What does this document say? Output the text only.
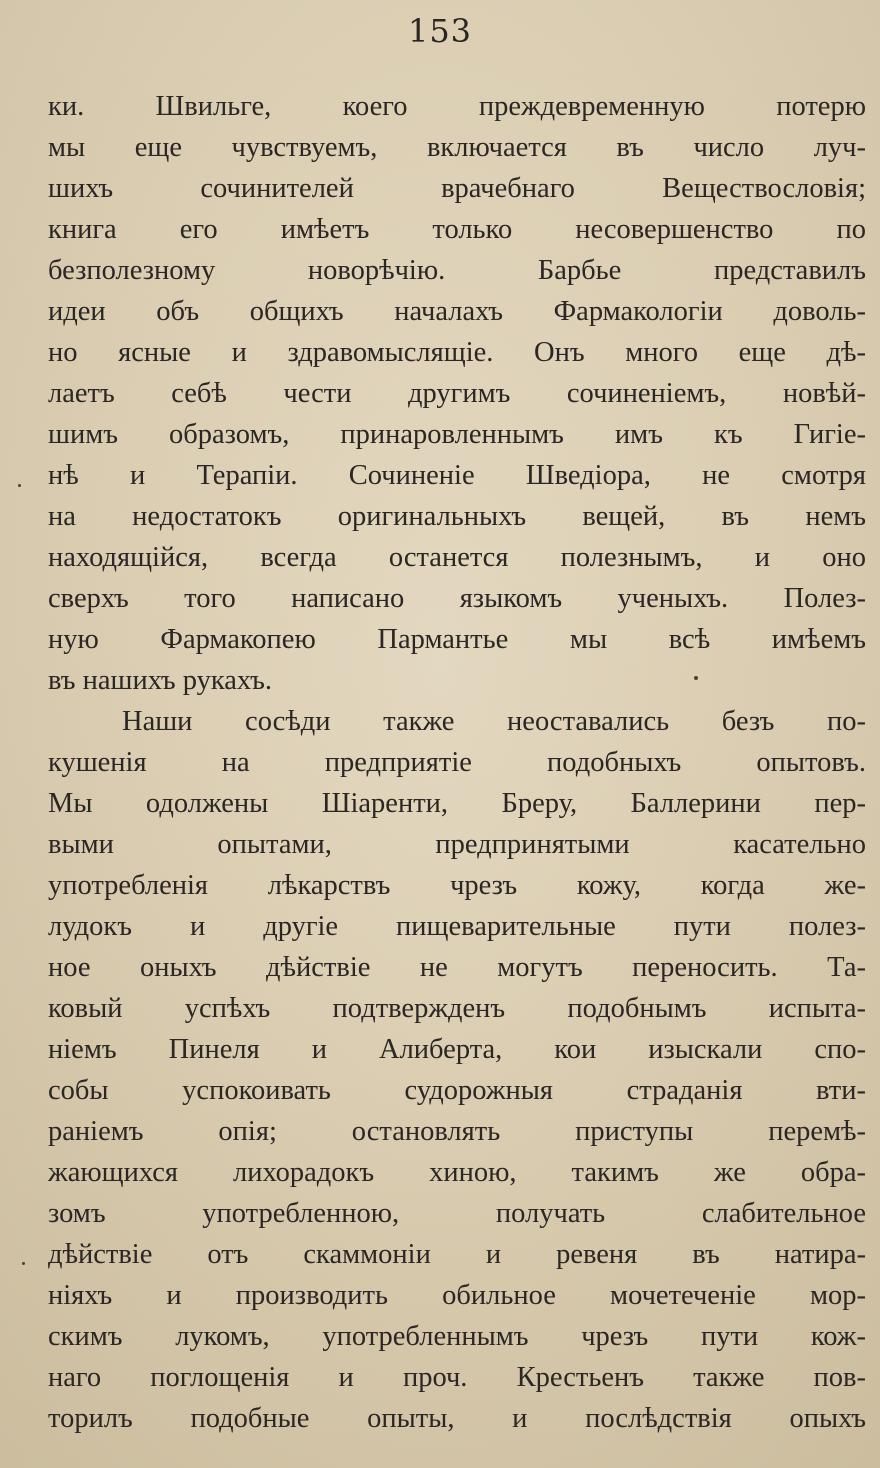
153
ки. Швильге, коего преждевременную потерю
мы еще чувствуемъ, включается въ число луч-
шихъ сочинителей врачебнаго Веществословія;
книга его имѣетъ только несовершенство по
безполезному новорѣчію. Барбье представилъ
идеи объ общихъ началахъ Фармакологіи доволь-
но ясные и здравомыслящіе. Онъ много еще дѣ-
лаетъ себѣ чести другимъ сочиненіемъ, новѣй-
шимъ образомъ, принаровленнымъ имъ къ Гигіе-
нѣ и Терапіи. Сочиненіе Шведіора, не смотря
на недостатокъ оригинальныхъ вещей, въ немъ
находящійся, всегда останется полезнымъ, и оно
сверхъ того написано языкомъ ученыхъ. Полез-
ную Фармакопею Пармантье мы всѣ имѣемъ
въ нашихъ рукахъ.
Наши сосѣди также неоставались безъ по-
кушенія на предприятіе подобныхъ опытовъ.
Мы одолжены Шіаренти, Бреру, Баллерини пер-
выми опытами, предпринятыми касательно
употребленія лѣкарствъ чрезъ кожу, когда же-
лудокъ и другіе пищеварительные пути полез-
ное оныхъ дѣйствіе не могутъ переносить. Та-
ковый успѣхъ подтвержденъ подобнымъ испыта-
ніемъ Пинеля и Алиберта, кои изыскали спо-
собы успокоивать судорожныя страданія вти-
раніемъ опія; остановлять приступы перемѣ-
жающихся лихорадокъ хиною, такимъ же обра-
зомъ употребленною, получать слабительное
дѣйствіе отъ скаммоніи и ревеня въ натира-
ніяхъ и производить обильное мочетеченіе мор-
скимъ лукомъ, употребленнымъ чрезъ пути кож-
наго поглощенія и проч. Крестьенъ также пов-
торилъ подобные опыты, и послѣдствія опыхъ
